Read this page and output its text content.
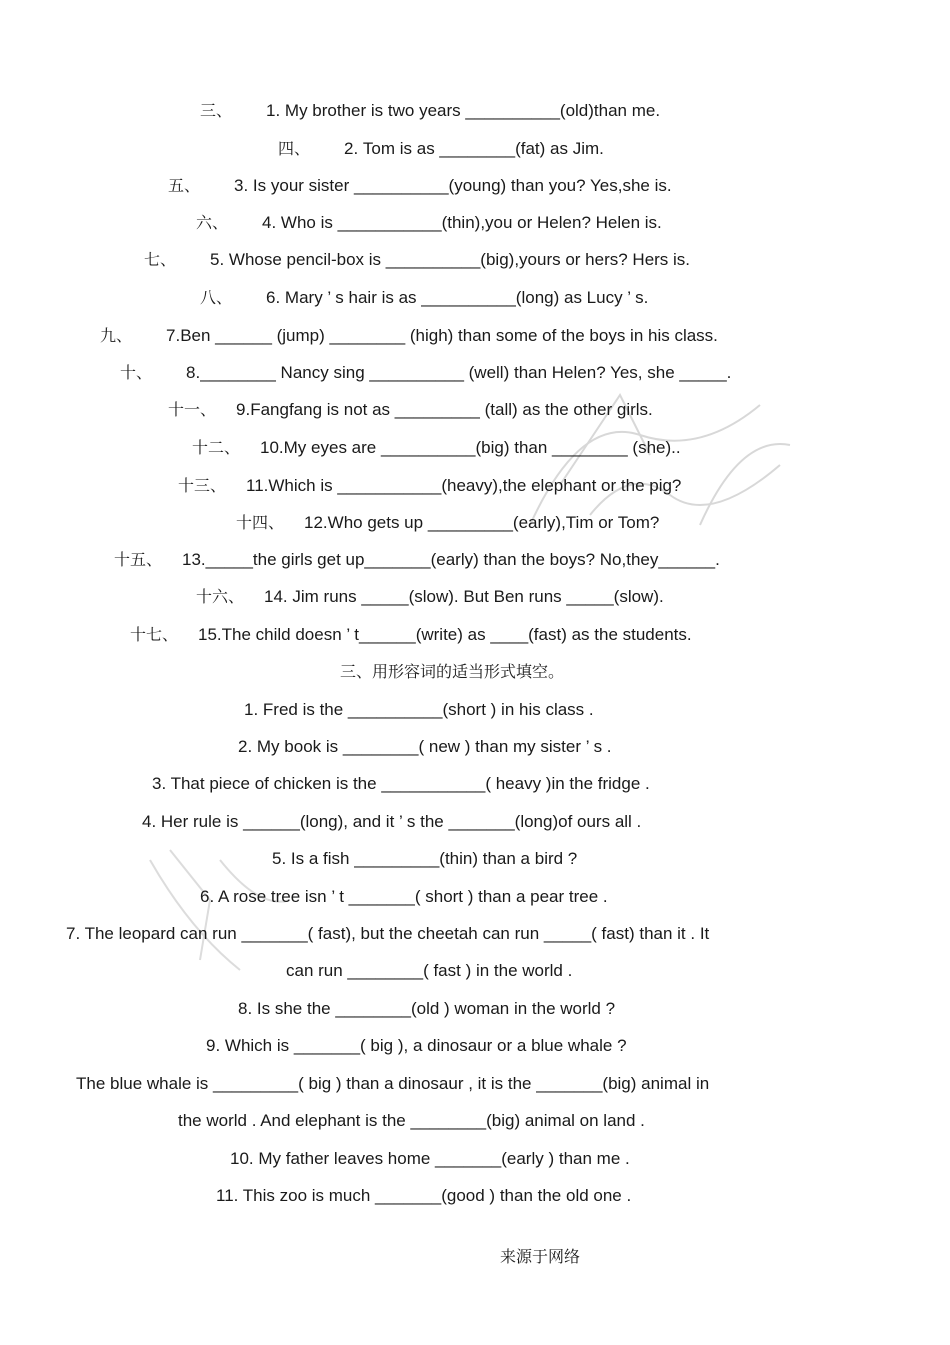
三、 1. My brother is two years __________(old)than me.
四、 2. Tom is as ________(fat) as Jim.
五、 3. Is your sister __________(young) than you? Yes,she is.
六、 4. Who is ___________(thin),you or Helen? Helen is.
七、 5. Whose pencil-box is __________(big),yours or hers? Hers is.
八、 6. Mary ’ s hair is as __________(long) as Lucy ’ s.
九、 7.Ben ______ (jump) ________ (high) than some of the boys in his class.
十、 8.________ Nancy sing __________ (well) than Helen? Yes, she _____.
十一、 9.Fangfang is not as _________ (tall) as the other girls.
十二、 10.My eyes are __________(big) than ________ (she)..
十三、 11.Which is ___________(heavy),the elephant or the pig?
十四、 12.Who gets up _________(early),Tim or Tom?
十五、 13._____the girls get up_______(early) than the boys? No,they______.
十六、 14. Jim runs _____(slow). But Ben runs _____(slow).
十七、 15.The child doesn ’ t______(write) as ____(fast) as the students.
三、用形容词的适当形式填空。
1. Fred is the __________(short ) in his class .
2. My book is ________( new ) than my sister ’ s .
3. That piece of chicken is the ___________( heavy )in the fridge .
4. Her rule is ______(long), and it ’ s the _______(long)of ours all .
5. Is a fish _________(thin) than a bird ?
6. A rose tree isn ’ t _______( short ) than a pear tree .
7. The leopard can run _______( fast), but the cheetah can run _____( fast) than it . It
can run ________( fast ) in the world .
8. Is she the ________(old ) woman in the world ?
9. Which is _______( big ), a dinosaur or a blue whale ?
The blue whale is _________( big ) than a dinosaur , it is the _______(big) animal in
the world . And elephant is the ________(big) animal on land .
10. My father leaves home _______(early ) than me .
11. This zoo is much _______(good ) than the old one .
来源于网络
